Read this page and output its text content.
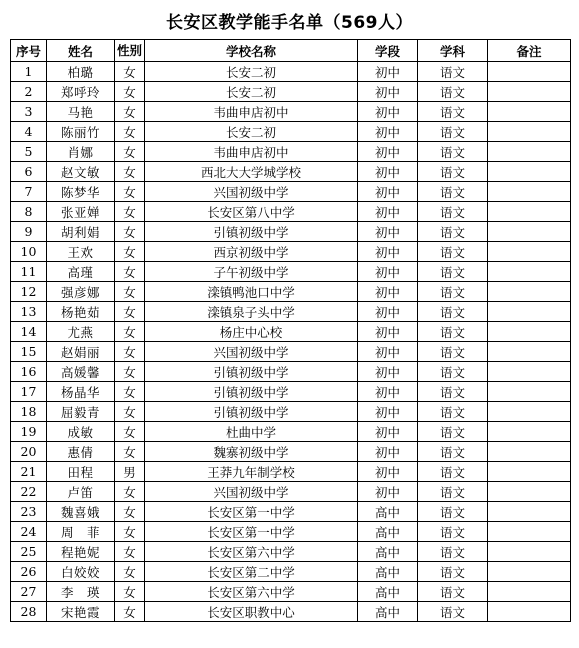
长安区教学能手名单（569人）
序号	姓名	性别	学校名称	学段	学科	备注
1	柏璐	女	长安二初	初中	语文	
2	郑呼玲	女	长安二初	初中	语文	
3	马艳	女	韦曲申店初中	初中	语文	
4	陈丽竹	女	长安二初	初中	语文	
5	肖娜	女	韦曲申店初中	初中	语文	
6	赵文敏	女	西北大大学城学校	初中	语文	
7	陈梦华	女	兴国初级中学	初中	语文	
8	张亚婵	女	长安区第八中学	初中	语文	
9	胡利娟	女	引镇初级中学	初中	语文	
10	王欢	女	西京初级中学	初中	语文	
11	高瑾	女	子午初级中学	初中	语文	
12	强彦娜	女	滦镇鸭池口中学	初中	语文	
13	杨艳茹	女	滦镇泉子头中学	初中	语文	
14	尤燕	女	杨庄中心校	初中	语文	
15	赵娟丽	女	兴国初级中学	初中	语文	
16	高媛馨	女	引镇初级中学	初中	语文	
17	杨晶华	女	引镇初级中学	初中	语文	
18	屈毅青	女	引镇初级中学	初中	语文	
19	成敏	女	杜曲中学	初中	语文	
20	惠倩	女	魏寨初级中学	初中	语文	
21	田程	男	王莽九年制学校	初中	语文	
22	卢笛	女	兴国初级中学	初中	语文	
23	魏喜娥	女	长安区第一中学	高中	语文	
24	周　菲	女	长安区第一中学	高中	语文	
25	程艳妮	女	长安区第六中学	高中	语文	
26	白姣姣	女	长安区第二中学	高中	语文	
27	李　瑛	女	长安区第六中学	高中	语文	
28	宋艳霞	女	长安区职教中心	高中	语文	
